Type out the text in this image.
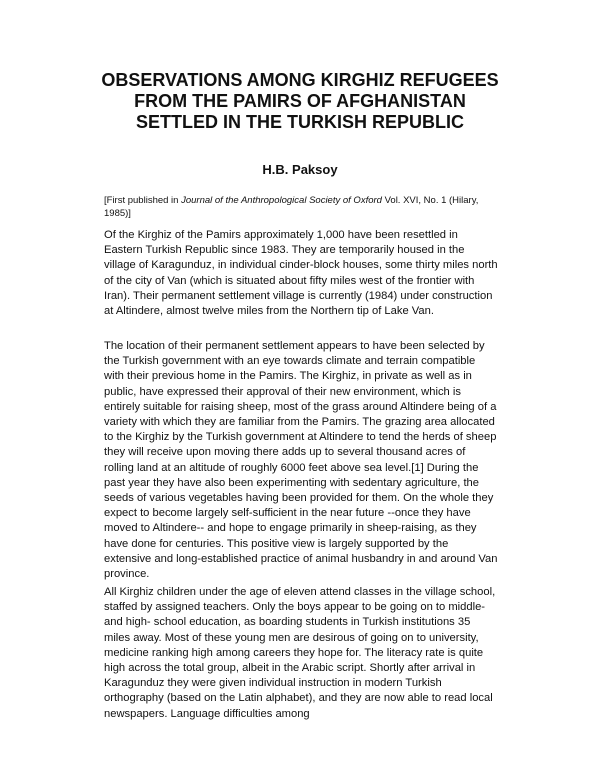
OBSERVATIONS AMONG KIRGHIZ REFUGEES FROM THE PAMIRS OF AFGHANISTAN SETTLED IN THE TURKISH REPUBLIC
H.B. Paksoy

[First published in Journal of the Anthropological Society of Oxford Vol. XVI, No. 1 (Hilary, 1985)]

Of the Kirghiz of the Pamirs approximately 1,000 have been resettled in Eastern Turkish Republic since 1983. They are temporarily housed in the village of Karagunduz, in individual cinder-block houses, some thirty miles north of the city of Van (which is situated about fifty miles west of the frontier with Iran). Their permanent settlement village is currently (1984) under construction at Altindere, almost twelve miles from the Northern tip of Lake Van.

The location of their permanent settlement appears to have been selected by the Turkish government with an eye towards climate and terrain compatible with their previous home in the Pamirs. The Kirghiz, in private as well as in public, have expressed their approval of their new environment, which is entirely suitable for raising sheep, most of the grass around Altindere being of a variety with which they are familiar from the Pamirs. The grazing area allocated to the Kirghiz by the Turkish government at Altindere to tend the herds of sheep they will receive upon moving there adds up to several thousand acres of rolling land at an altitude of roughly 6000 feet above sea level.[1] During the past year they have also been experimenting with sedentary agriculture, the seeds of various vegetables having been provided for them. On the whole they expect to become largely self-sufficient in the near future --once they have moved to Altindere-- and hope to engage primarily in sheep-raising, as they have done for centuries. This positive view is largely supported by the extensive and long-established practice of animal husbandry in and around Van province.

All Kirghiz children under the age of eleven attend classes in the village school, staffed by assigned teachers. Only the boys appear to be going on to middle- and high- school education, as boarding students in Turkish institutions 35 miles away. Most of these young men are desirous of going on to university, medicine ranking high among careers they hope for. The literacy rate is quite high across the total group, albeit in the Arabic script. Shortly after arrival in Karagunduz they were given individual instruction in modern Turkish orthography (based on the Latin alphabet), and they are now able to read local newspapers. Language difficulties among
